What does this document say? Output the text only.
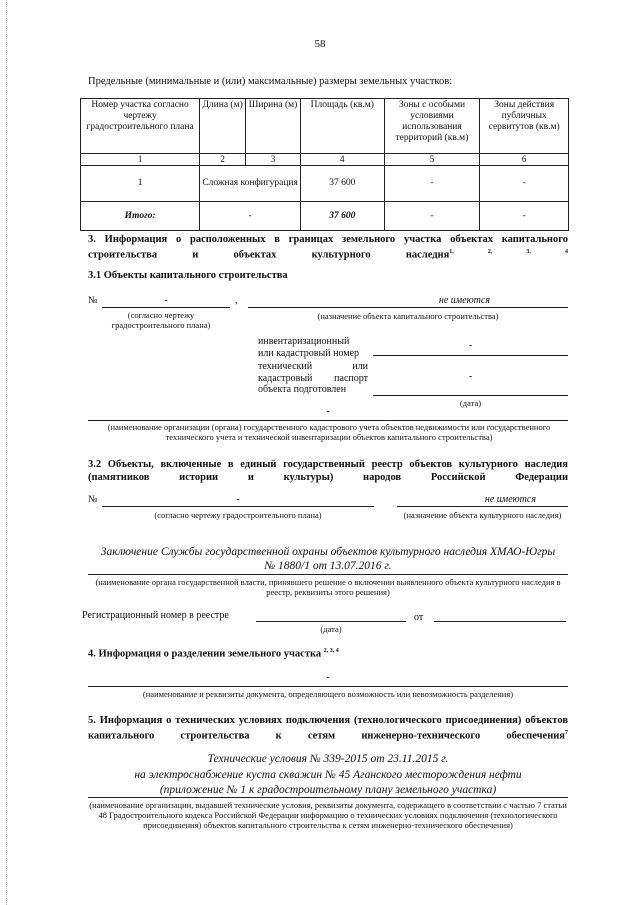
58
Предельные (минимальные и (или) максимальные) размеры земельных участков:
Номер участка согласно чертежу градостроительного плана	Длина (м)	Ширина (м)	Площадь (кв.м)	Зоны с особыми условиями использования территорий (кв.м)	Зоны действия публичных сервитутов (кв.м)
1	2	3	4	5	6
1	Сложная конфигурация		37 600	-	-
Итого:	-		37 600	-	-
3. Информация о расположенных в границах земельного участка объектах капитального строительства и объектах культурного наследия$^{1, 2, 3, 4}$
3.1 Объекты капитального строительства
№	-	,	не имеются
(согласно чертежу градостроительного плана)
(назначение объекта капитального строительства)
инвентаризационный
или кадастровый номер
-
технический	или
кадастровый паспорт
объекта подготовлен
-
(дата)
-
(наименование организации (органа) государственного кадастрового учета объектов недвижимости или государственного технического учета и технической инвентаризации объектов капитального строительства)
3.2 Объекты, включенные в единый государственный реестр объектов культурного наследия (памятников истории и культуры) народов Российской Федерации
№	-	не имеются
(согласно чертежу градостроительного плана)	(назначение объекта культурного наследия)
Заключение Службы государственной охраны объектов культурного наследия ХМАО-Югры
№ 1880/1 от 13.07.2016 г.
(наименование органа государственной власти, принявшего решение о включении выявленного объекта культурного наследия в реестр, реквизиты этого решения)
Регистрационный номер в реестре	от
(дата)
4. Информация о разделении земельного участка $^{2, 3, 4}$
-
(наименование и реквизиты документа, определяющего возможность или невозможность разделения)
5. Информация о технических условиях подключения (технологического присоединения) объектов капитального строительства к сетям инженерно-технического обеспечения$^7$
Технические условия № 339-2015 от 23.11.2015 г.
на электроснабжение куста скважин № 45 Аганского месторождения нефти
(приложение № 1 к градостроительному плану земельного участка)
(наименование организации, выдавшей технические условия, реквизиты документа, содержащего в соответствии с частью 7 статьи 48 Градостроительного кодекса Российской Федерации информацию о технических условиях подключения (технологического присоединения) объектов капитального строительства к сетям инженерно-технического обеспечения)
